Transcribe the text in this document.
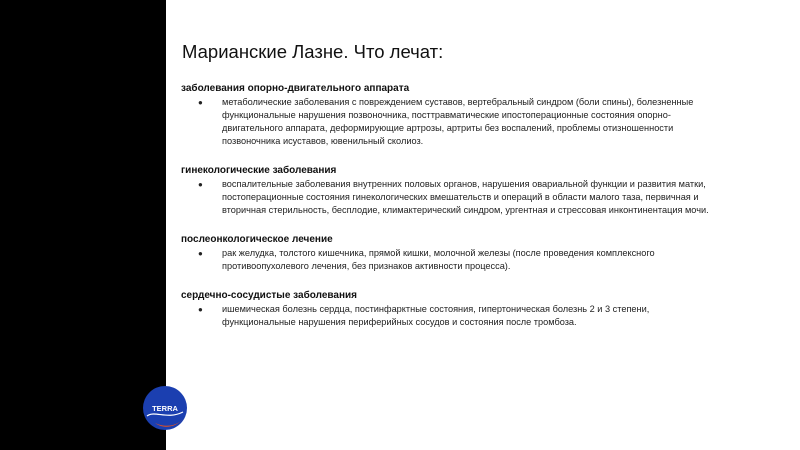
TERRA
Марианские Лазне. Что лечат:
заболевания опорно-двигательного аппарата
● метаболические заболевания с повреждением суставов, вертебральный синдром (боли спины), болезненные функциональные нарушения позвоночника, посттравматические ипостоперационные состояния опорно-двигательного аппарата, деформирующие артрозы, артриты без воспалений, проблемы отизношенности позвоночника исуставов, ювенильный сколиоз.
гинекологические заболевания
● воспалительные заболевания внутренних половых органов, нарушения овариальной функции и развития матки, постоперационные состояния гинекологических вмешательств и операций в области малого таза, первичная и вторичная стерильность, бесплодие, климактерический синдром, ургентная и стрессовая инконтинентация мочи.
послеонкологическое лечение
● рак желудка, толстого кишечника, прямой кишки, молочной железы (после проведения комплексного противоопухолевого лечения, без признаков активности процесса).
сердечно-сосудистые заболевания
● ишемическая болезнь сердца, постинфарктные состояния, гипертоническая болезнь 2 и 3 степени, функциональные нарушения периферийных сосудов и состояния после тромбоза.
